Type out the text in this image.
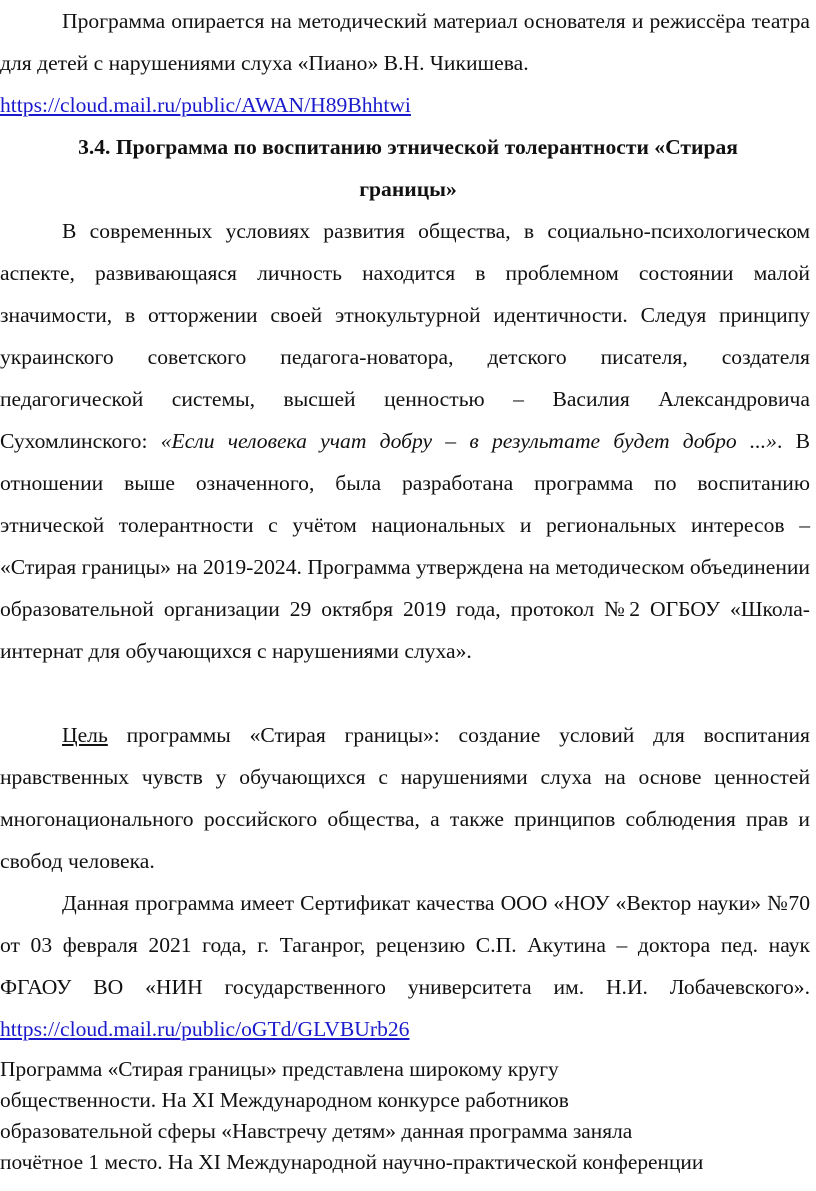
Программа опирается на методический материал основателя и режиссёра театра для детей с нарушениями слуха «Пиано» В.Н. Чикишева.
https://cloud.mail.ru/public/AWAN/H89Bhhtwi

3.4. Программа по воспитанию этнической толерантности «Стирая
границы»

В современных условиях развития общества, в социально-психологическом аспекте, развивающаяся личность находится в проблемном состоянии малой значимости, в отторжении своей этнокультурной идентичности. Следуя принципу украинского советского педагога-новатора, детского писателя, создателя педагогической системы, высшей ценностью – Василия Александровича Сухомлинского: «Если человека учат добру – в результате будет добро ...». В отношении выше означенного, была разработана программа по воспитанию этнической толерантности с учётом национальных и региональных интересов – «Стирая границы» на 2019-2024. Программа утверждена на методическом объединении образовательной организации 29 октября 2019 года, протокол №2 ОГБОУ «Школа-интернат для обучающихся с нарушениями слуха».

Цель программы «Стирая границы»: создание условий для воспитания нравственных чувств у обучающихся с нарушениями слуха на основе ценностей многонационального российского общества, а также принципов соблюдения прав и свобод человека.

Данная программа имеет Сертификат качества ООО «НОУ «Вектор науки» №70 от 03 февраля 2021 года, г. Таганрог, рецензию С.П. Акутина – доктора пед. наук ФГАОУ ВО «НИН государственного университета им. Н.И. Лобачевского». https://cloud.mail.ru/public/oGTd/GLVBUrb26

Программа «Стирая границы» представлена широкому кругу
общественности. На XI Международном конкурсе работников
образовательной сферы «Навстречу детям» данная программа заняла
почётное 1 место. На XI Международной научно-практической конференции
